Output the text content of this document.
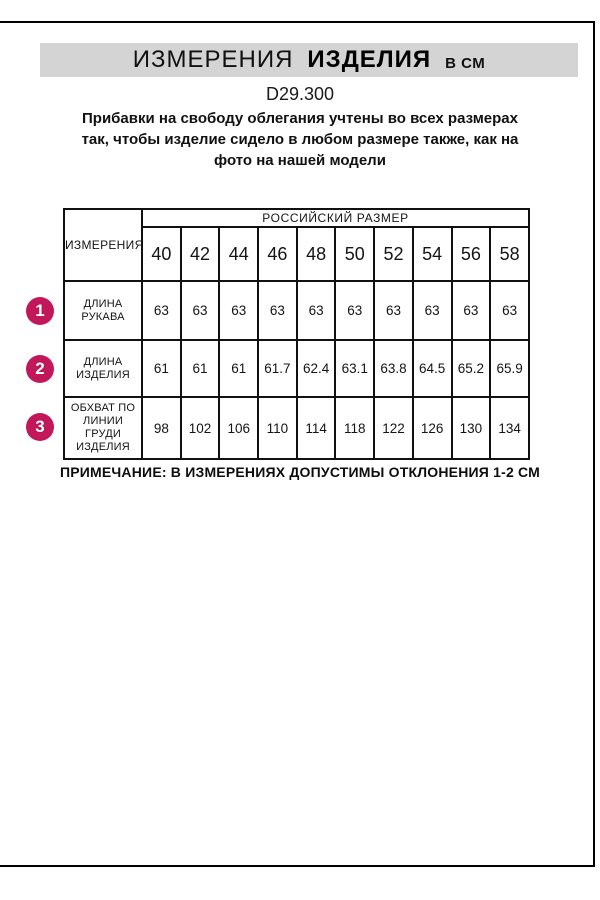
ИЗМЕРЕНИЯ ИЗДЕЛИЯ В СМ
D29.300
Прибавки на свободу облегания учтены во всех размерах так, чтобы изделие сидело в любом размере также, как на фото на нашей модели
ИЗМЕРЕНИЯ	РОССИЙСКИЙ РАЗМЕР									
	40	42	44	46	48	50	52	54	56	58
ДЛИНА РУКАВА	63	63	63	63	63	63	63	63	63	63
ДЛИНА ИЗДЕЛИЯ	61	61	61	61.7	62.4	63.1	63.8	64.5	65.2	65.9
ОБХВАТ ПО ЛИНИИ ГРУДИ ИЗДЕЛИЯ	98	102	106	110	114	118	122	126	130	134
1
2
3
ПРИМЕЧАНИЕ: В ИЗМЕРЕНИЯХ ДОПУСТИМЫ ОТКЛОНЕНИЯ 1-2 СМ
